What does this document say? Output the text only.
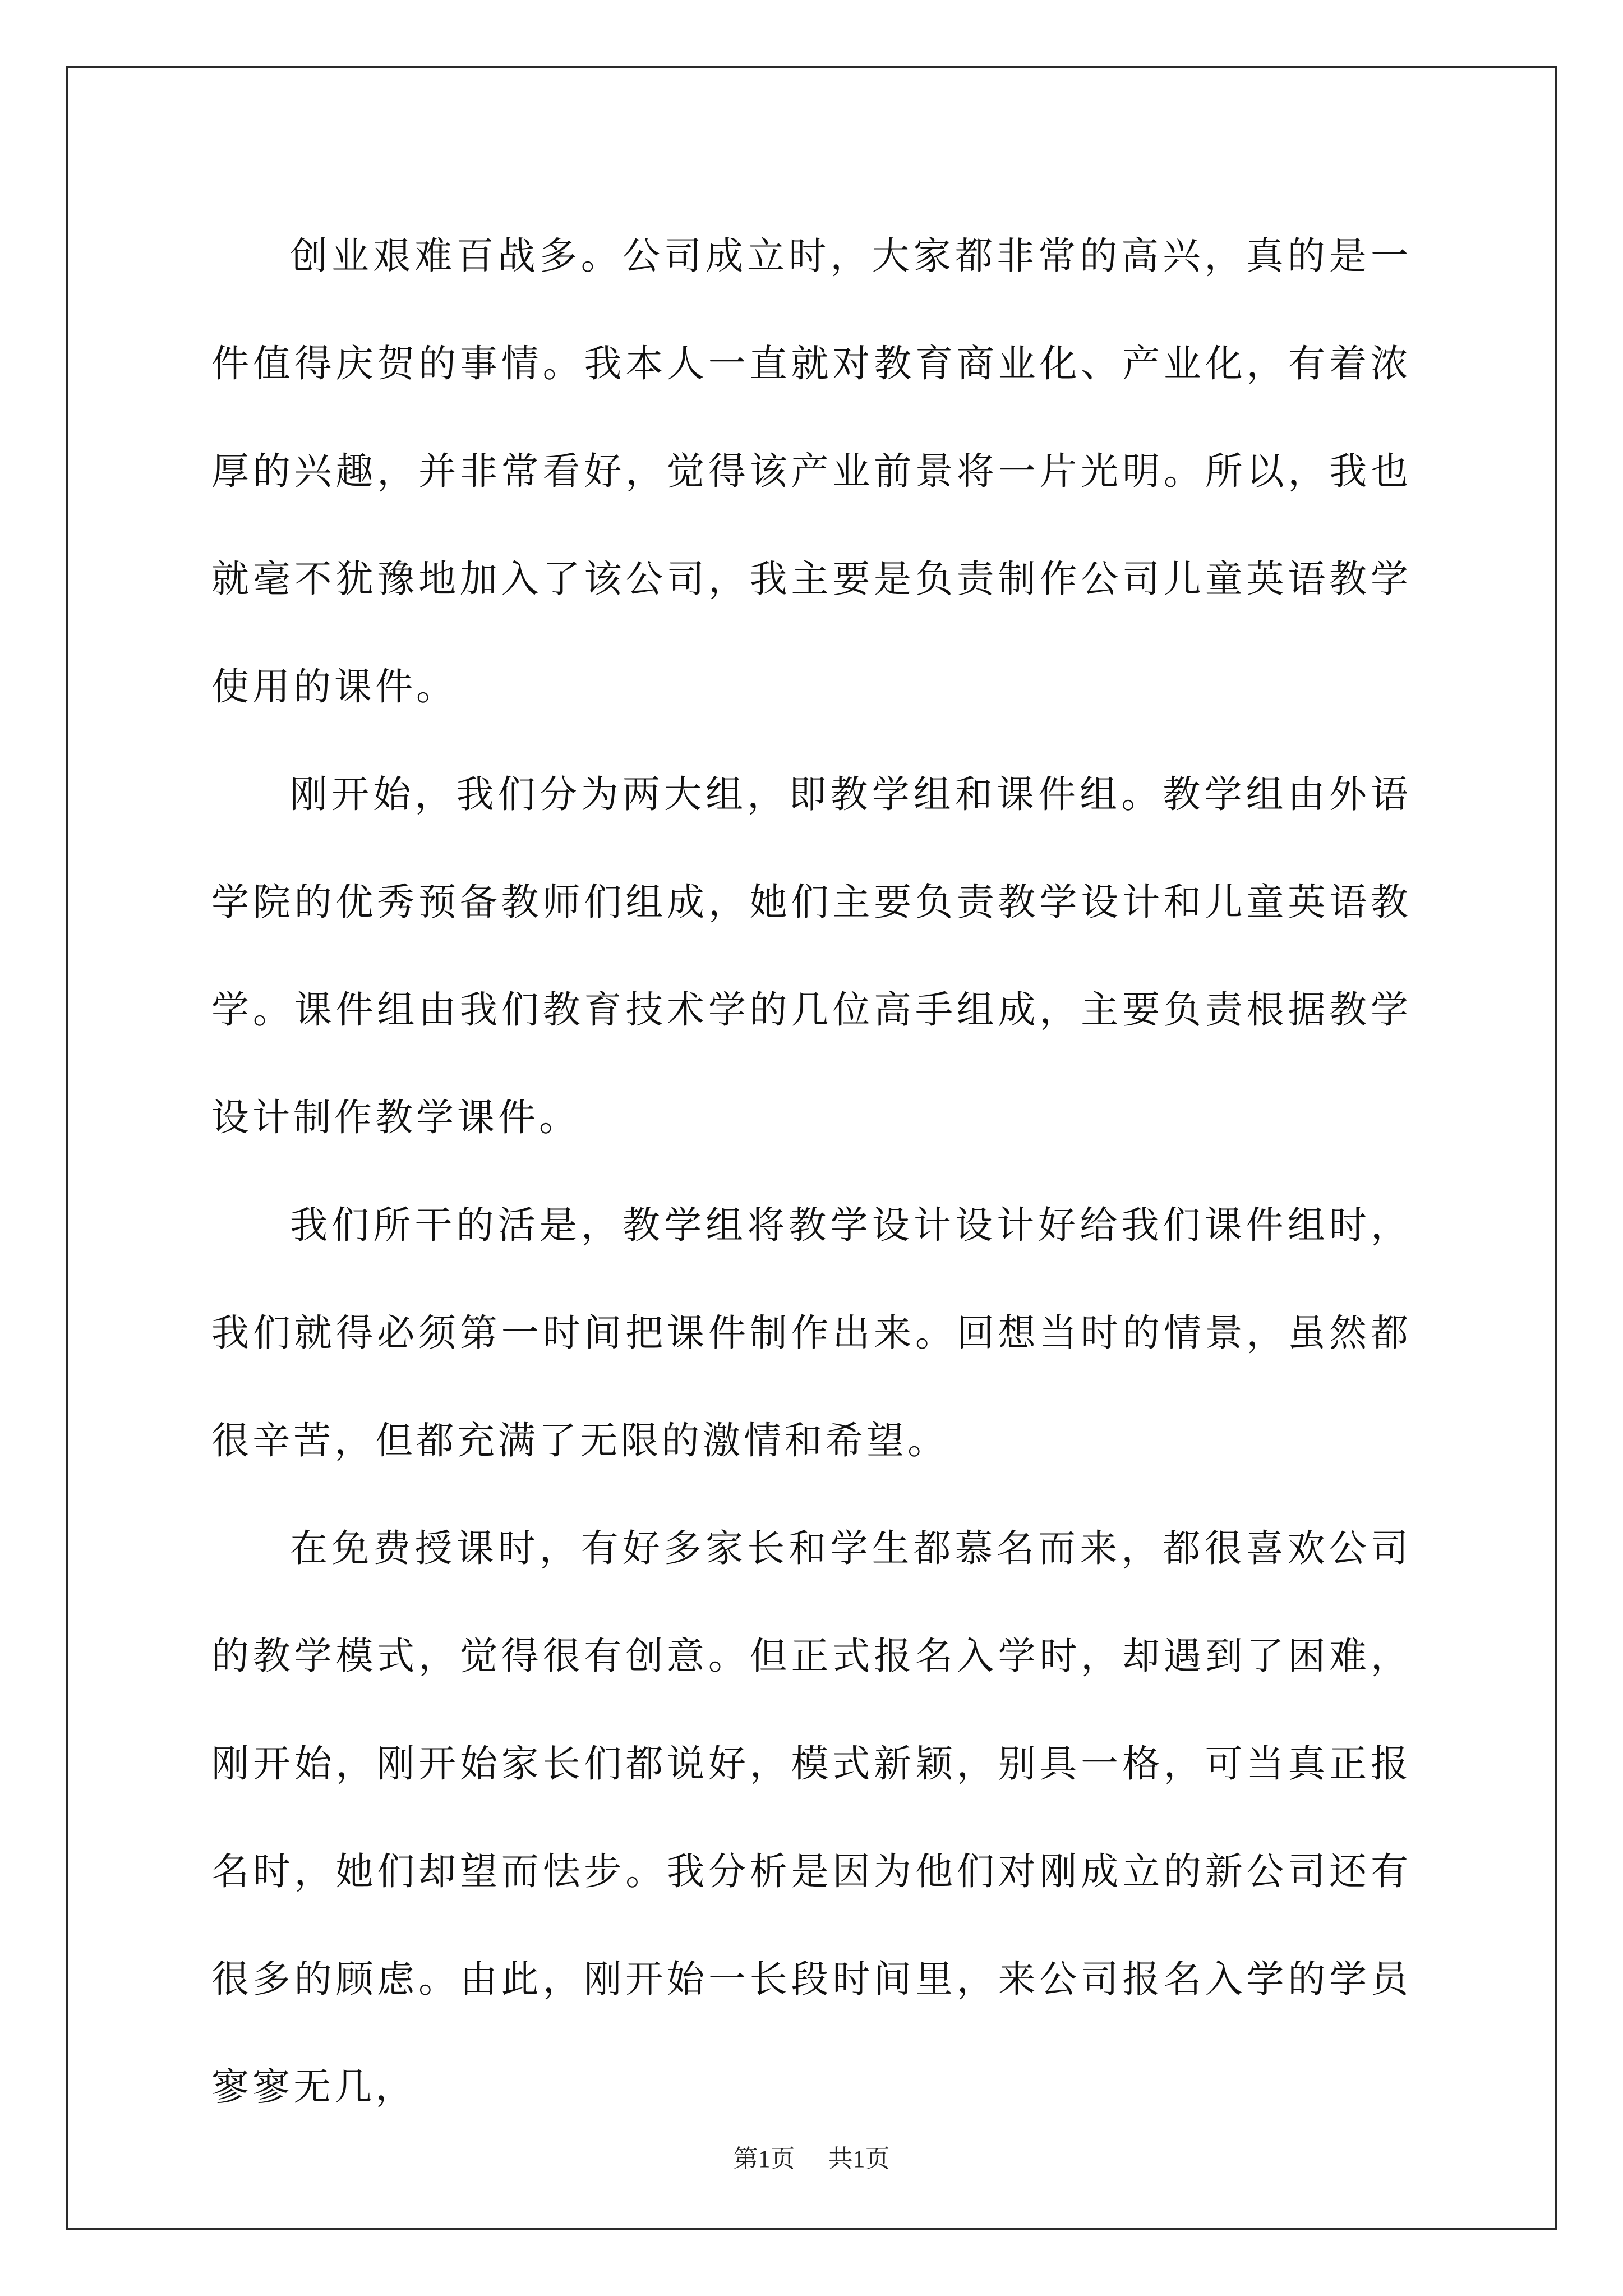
创业艰难百战多。公司成立时，大家都非常的高兴，真的是一件值得庆贺的事情。我本人一直就对教育商业化、产业化，有着浓厚的兴趣，并非常看好，觉得该产业前景将一片光明。所以，我也就毫不犹豫地加入了该公司，我主要是负责制作公司儿童英语教学使用的课件。

刚开始，我们分为两大组，即教学组和课件组。教学组由外语学院的优秀预备教师们组成，她们主要负责教学设计和儿童英语教学。课件组由我们教育技术学的几位高手组成，主要负责根据教学设计制作教学课件。

我们所干的活是，教学组将教学设计设计好给我们课件组时，我们就得必须第一时间把课件制作出来。回想当时的情景，虽然都很辛苦，但都充满了无限的激情和希望。

在免费授课时，有好多家长和学生都慕名而来，都很喜欢公司的教学模式，觉得很有创意。但正式报名入学时，却遇到了困难，刚开始，刚开始家长们都说好，模式新颖，别具一格，可当真正报名时，她们却望而怯步。我分析是因为他们对刚成立的新公司还有很多的顾虑。由此，刚开始一长段时间里，来公司报名入学的学员寥寥无几，

第1页 共1页
